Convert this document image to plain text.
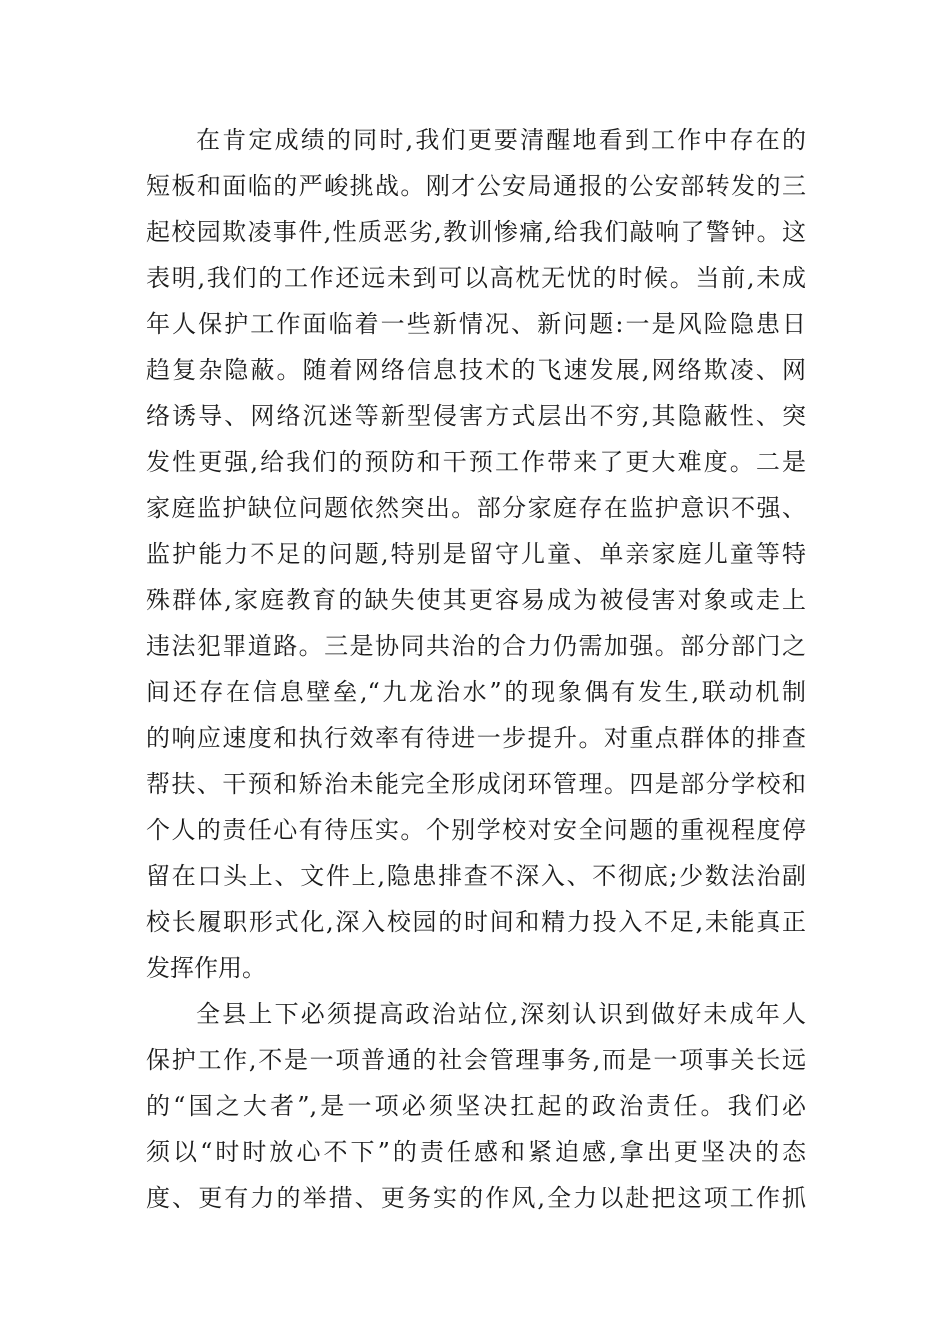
在肯定成绩的同时,我们更要清醒地看到工作中存在的
短板和面临的严峻挑战。刚才公安局通报的公安部转发的三
起校园欺凌事件,性质恶劣,教训惨痛,给我们敲响了警钟。这
表明,我们的工作还远未到可以高枕无忧的时候。当前,未成
年人保护工作面临着一些新情况、新问题:一是风险隐患日
趋复杂隐蔽。随着网络信息技术的飞速发展,网络欺凌、网
络诱导、网络沉迷等新型侵害方式层出不穷,其隐蔽性、突
发性更强,给我们的预防和干预工作带来了更大难度。二是
家庭监护缺位问题依然突出。部分家庭存在监护意识不强、
监护能力不足的问题,特别是留守儿童、单亲家庭儿童等特
殊群体,家庭教育的缺失使其更容易成为被侵害对象或走上
违法犯罪道路。三是协同共治的合力仍需加强。部分部门之
间还存在信息壁垒,“九龙治水”的现象偶有发生,联动机制
的响应速度和执行效率有待进一步提升。对重点群体的排查
帮扶、干预和矫治未能完全形成闭环管理。四是部分学校和
个人的责任心有待压实。个别学校对安全问题的重视程度停
留在口头上、文件上,隐患排查不深入、不彻底;少数法治副
校长履职形式化,深入校园的时间和精力投入不足,未能真正
发挥作用。
全县上下必须提高政治站位,深刻认识到做好未成年人
保护工作,不是一项普通的社会管理事务,而是一项事关长远
的“国之大者”,是一项必须坚决扛起的政治责任。我们必
须以“时时放心不下”的责任感和紧迫感,拿出更坚决的态
度、更有力的举措、更务实的作风,全力以赴把这项工作抓
